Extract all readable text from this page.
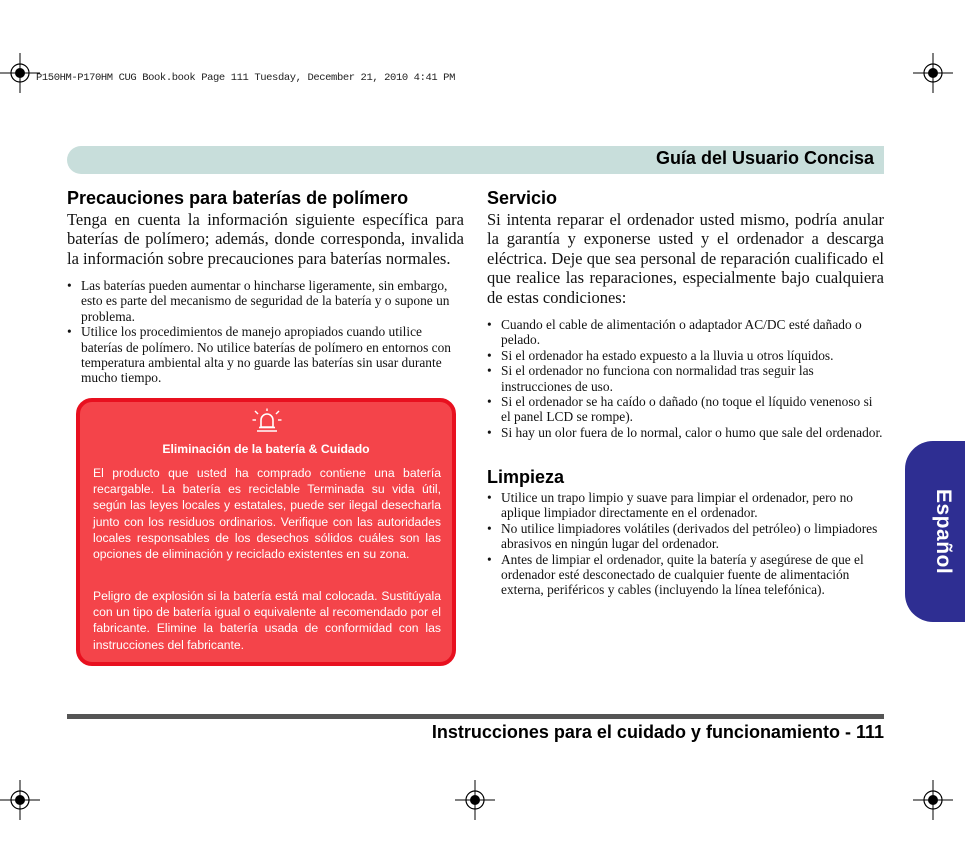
P150HM-P170HM CUG Book.book Page 111 Tuesday, December 21, 2010 4:41 PM
Guía del Usuario Concisa
Precauciones para baterías de polímero

Tenga en cuenta la información siguiente específica para baterías de polímero; además, donde corresponda, invalida la información sobre precauciones para baterías normales.

• Las baterías pueden aumentar o hincharse ligeramente, sin embargo, esto es parte del mecanismo de seguridad de la batería y o supone un problema.
• Utilice los procedimientos de manejo apropiados cuando utilice baterías de polímero. No utilice baterías de polímero en entornos con temperatura ambiental alta y no guarde las baterías sin usar durante mucho tiempo.
Eliminación de la batería & Cuidado

El producto que usted ha comprado contiene una batería recargable. La batería es reciclable Terminada su vida útil, según las leyes locales y estatales, puede ser ilegal desecharla junto con los residuos ordinarios. Verifique con las autoridades locales responsables de los desechos sólidos cuáles son las opciones de eliminación y reciclado existentes en su zona.

Peligro de explosión si la batería está mal colocada. Sustitúyala con un tipo de batería igual o equivalente al recomendado por el fabricante. Elimine la batería usada de conformidad con las instrucciones del fabricante.

Servicio

Si intenta reparar el ordenador usted mismo, podría anular la garantía y exponerse usted y el ordenador a descarga eléctrica. Deje que sea personal de reparación cualificado el que realice las reparaciones, especialmente bajo cualquiera de estas condiciones:

• Cuando el cable de alimentación o adaptador AC/DC esté dañado o pelado.
• Si el ordenador ha estado expuesto a la lluvia u otros líquidos.
• Si el ordenador no funciona con normalidad tras seguir las instrucciones de uso.
• Si el ordenador se ha caído o dañado (no toque el líquido venenoso si el panel LCD se rompe).
• Si hay un olor fuera de lo normal, calor o humo que sale del ordenador.
Limpieza
• Utilice un trapo limpio y suave para limpiar el ordenador, pero no aplique limpiador directamente en el ordenador.
• No utilice limpiadores volátiles (derivados del petróleo) o limpiadores abrasivos en ningún lugar del ordenador.
• Antes de limpiar el ordenador, quite la batería y asegúrese de que el ordenador esté desconectado de cualquier fuente de alimentación externa, periféricos y cables (incluyendo la línea telefónica).
Español
Instrucciones para el cuidado y funcionamiento - 111
